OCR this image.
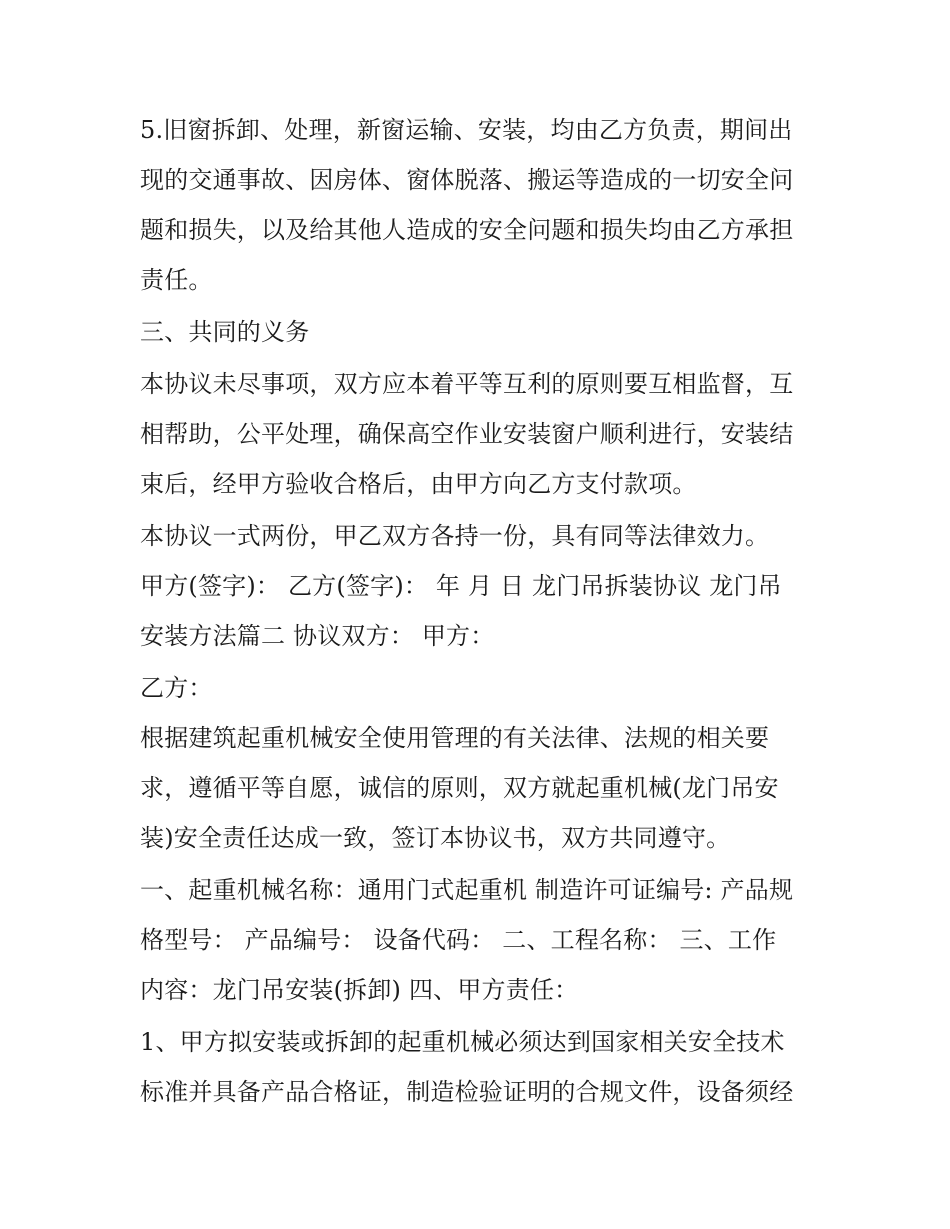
5.旧窗拆卸、处理，新窗运输、安装，均由乙方负责，期间出
现的交通事故、因房体、窗体脱落、搬运等造成的一切安全问
题和损失，以及给其他人造成的安全问题和损失均由乙方承担
责任。
三、共同的义务
本协议未尽事项，双方应本着平等互利的原则要互相监督，互
相帮助，公平处理，确保高空作业安装窗户顺利进行，安装结
束后，经甲方验收合格后，由甲方向乙方支付款项。
本协议一式两份，甲乙双方各持一份，具有同等法律效力。
甲方(签字)： 乙方(签字)： 年 月 日 龙门吊拆装协议 龙门吊
安装方法篇二 协议双方： 甲方：
乙方：
根据建筑起重机械安全使用管理的有关法律、法规的相关要
求，遵循平等自愿，诚信的原则，双方就起重机械(龙门吊安
装)安全责任达成一致，签订本协议书，双方共同遵守。
一、起重机械名称：通用门式起重机 制造许可证编号: 产品规
格型号： 产品编号： 设备代码： 二、工程名称： 三、工作
内容：龙门吊安装(拆卸) 四、甲方责任：
1、甲方拟安装或拆卸的起重机械必须达到国家相关安全技术
标准并具备产品合格证，制造检验证明的合规文件，设备须经
